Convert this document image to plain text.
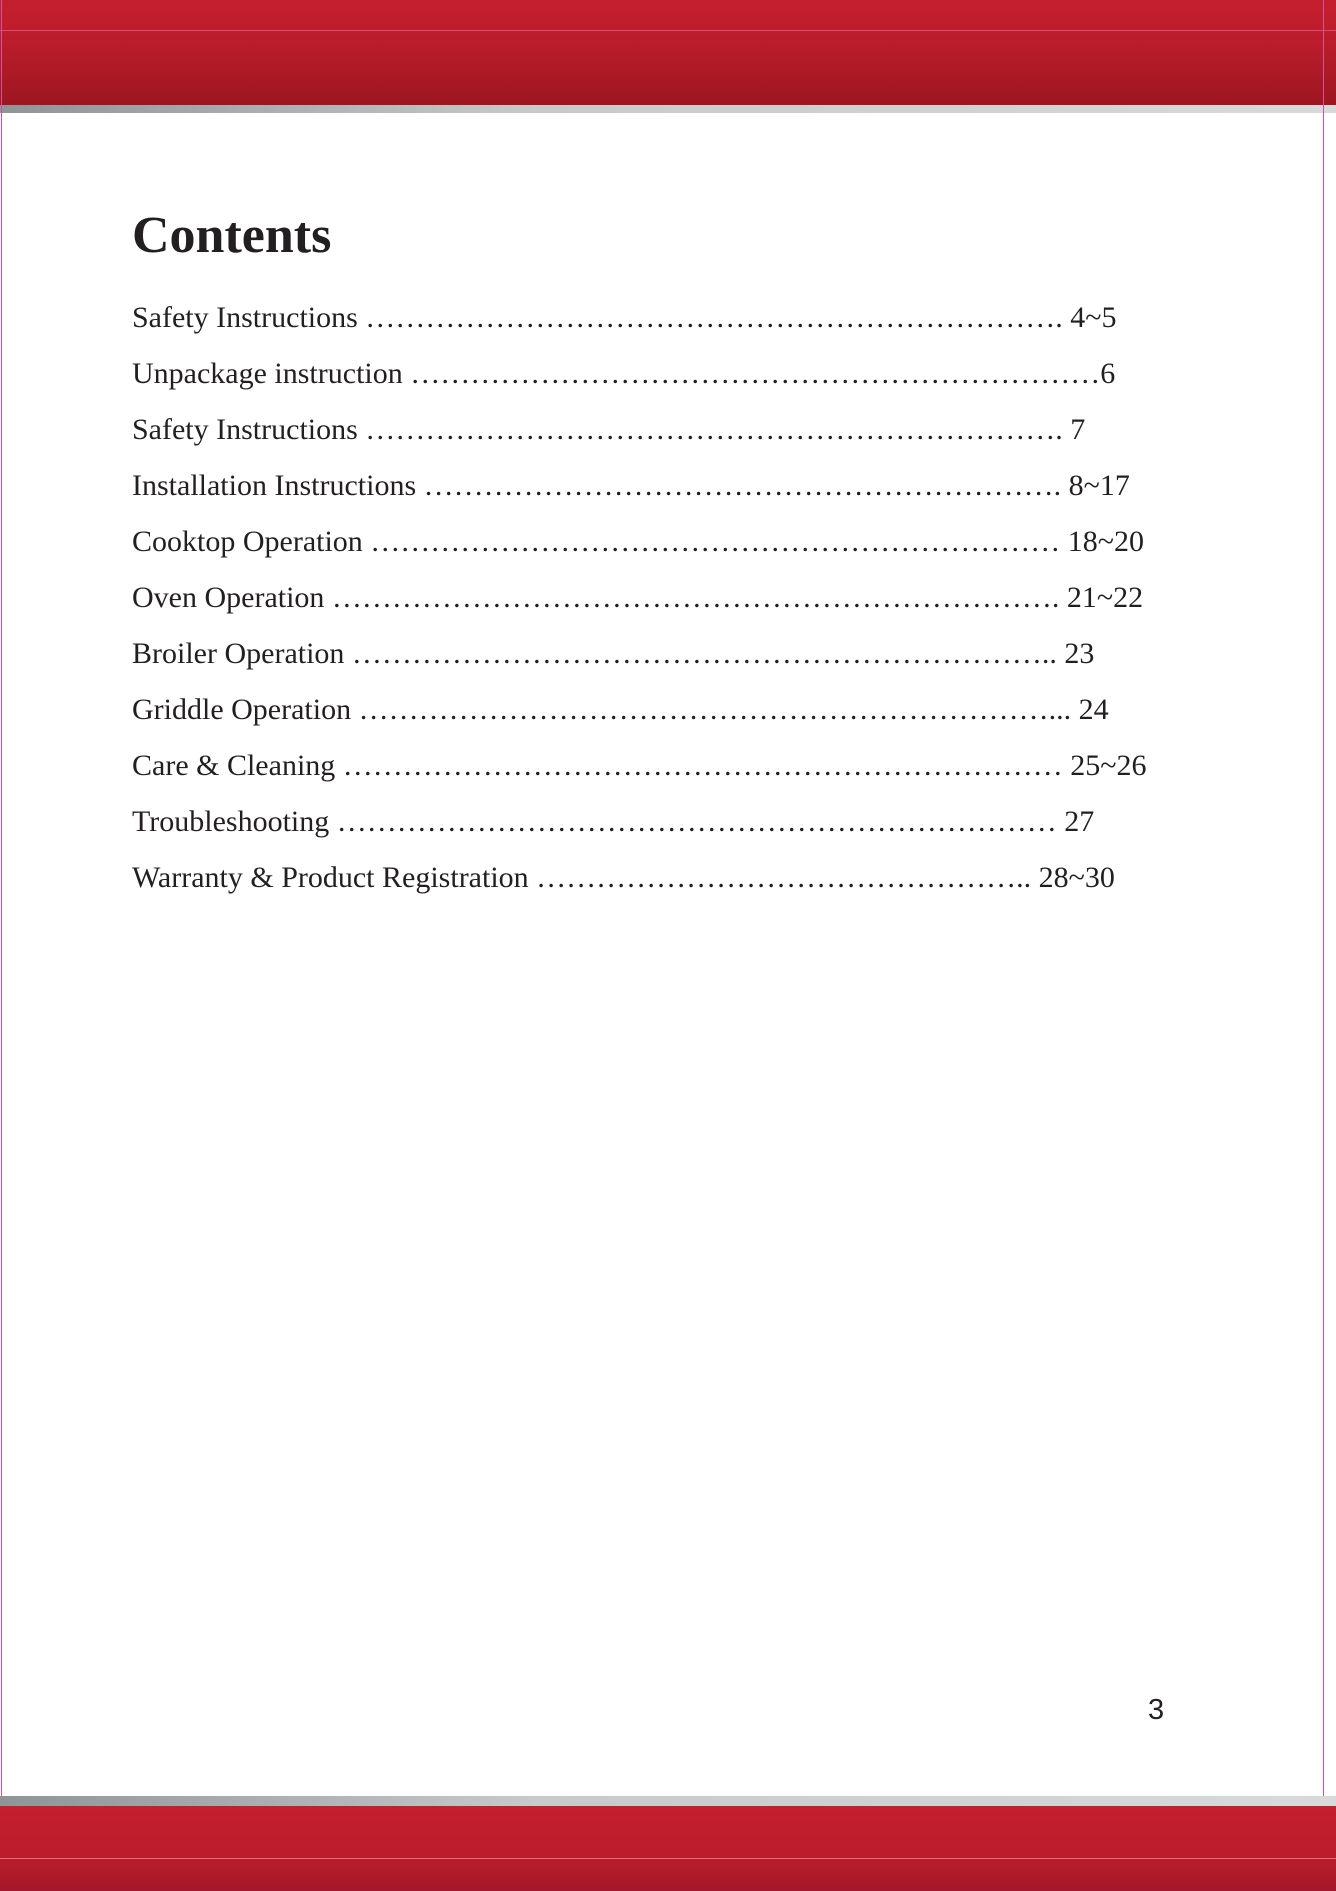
Contents
Safety Instructions ……………………………………………………………. 4~5
Unpackage instruction ……………………………………………………………6
Safety Instructions ……………………………………………………………. 7
Installation Instructions ………………………………………………………. 8~17
Cooktop Operation …………………………………………………………… 18~20
Oven Operation ………………………………………………………………. 21~22
Broiler Operation …………………………………………………………….. 23
Griddle Operation ……………………………………………………………... 24
Care & Cleaning ……………………………………………………………… 25~26
Troubleshooting ……………………………………………………………… 27
Warranty & Product Registration ………………………………………….. 28~30
3
